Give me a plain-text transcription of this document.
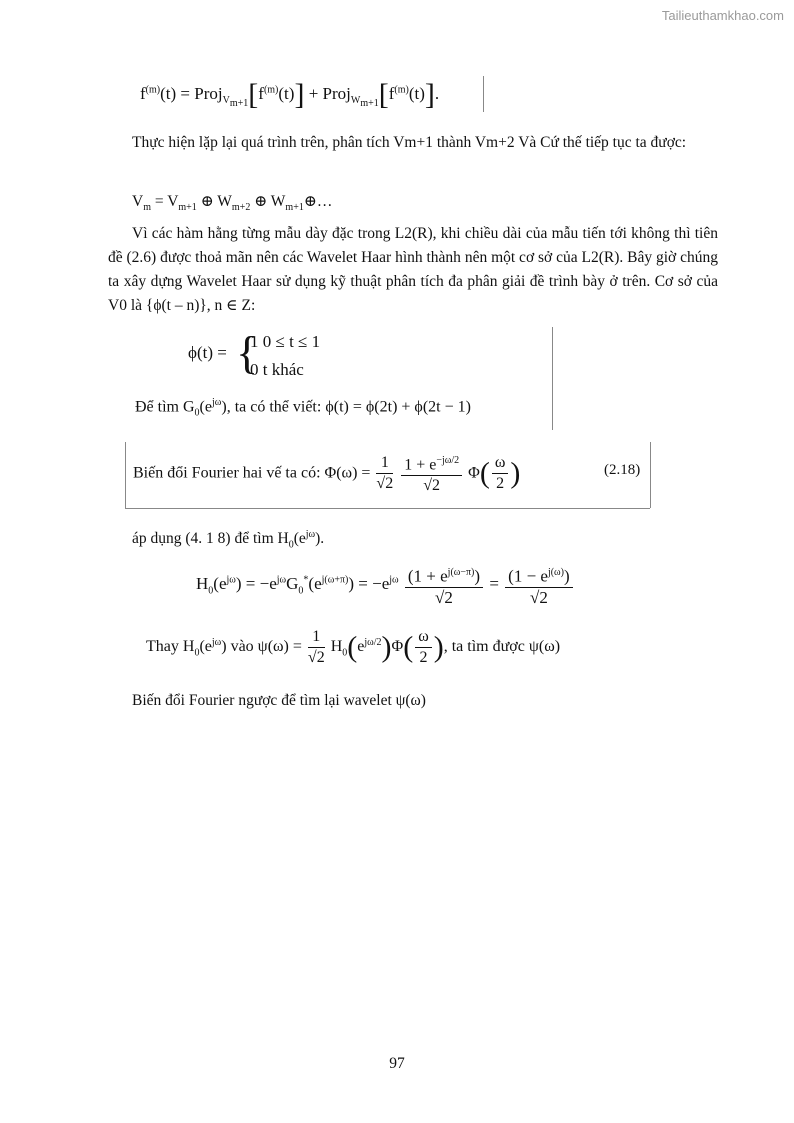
Tailieuthamkhao.com
$f^{(m)}(t)$ = $Proj_{V_{m+1}}[f^{(m)}(t)]$ + $Proj_{W_{m+1}}[f^{(m)}(t)]$.
Thực hiện lặp lại quá trình trên, phân tích Vm+1 thành Vm+2 Và Cứ thế tiếp tục ta được:
$V_m = V_{m+1}$ ⊕ $W_{m+2}$ ⊕ $W_{m+1}\oplus\dots$
Vì các hàm hằng từng mẫu dày đặc trong L2(R), khi chiều dài của mẫu tiến tới không thì tiên đề (2.6) được thoả mãn nên các Wavelet Haar hình thành nên một cơ sở của L2(R). Bây giờ chúng ta xây dựng Wavelet Haar sử dụng kỹ thuật phân tích đa phân giải đề trình bày ở trên. Cơ sở của V0 là {ϕ(t – n)}, n ∈ Z:
ϕ(t) = {
1 0 ≤ t ≤ 1
0 t khác
Để tìm $G_0(e^{j\omega})$, ta có thể viết: ϕ(t) = ϕ(2t) + ϕ(2t − 1)
Biến đổi Fourier hai vế ta có: $\Phi(\omega) = \frac{1}{√2}$
$\frac{1 + e^{-j\omega/2}}{√2} \Phi( \frac{\omega}{2}$ )	(2.18)
áp dụng (4. 1 8) để tìm $H_0(e^{j\omega})$.
$H_0(e^{j\omega}) = -e^{j\omega}G_0^*(e^{j(\omega+\pi)}) = -e^{j\omega} \frac{(1 + e^{j(\omega-\pi)})}{√2} = \frac{(1 - e^{j(\omega)})}{√2}$
Thay $H_0(e^{j\omega})$ vào $\psi(\omega) = \frac{1}{√2} H_0(e^{j\omega/2})\Phi( \frac{\omega}{2}$ ), ta tìm được ψ(ω)
Biến đổi Fourier ngược để tìm lại wavelet ψ(ω)
97
